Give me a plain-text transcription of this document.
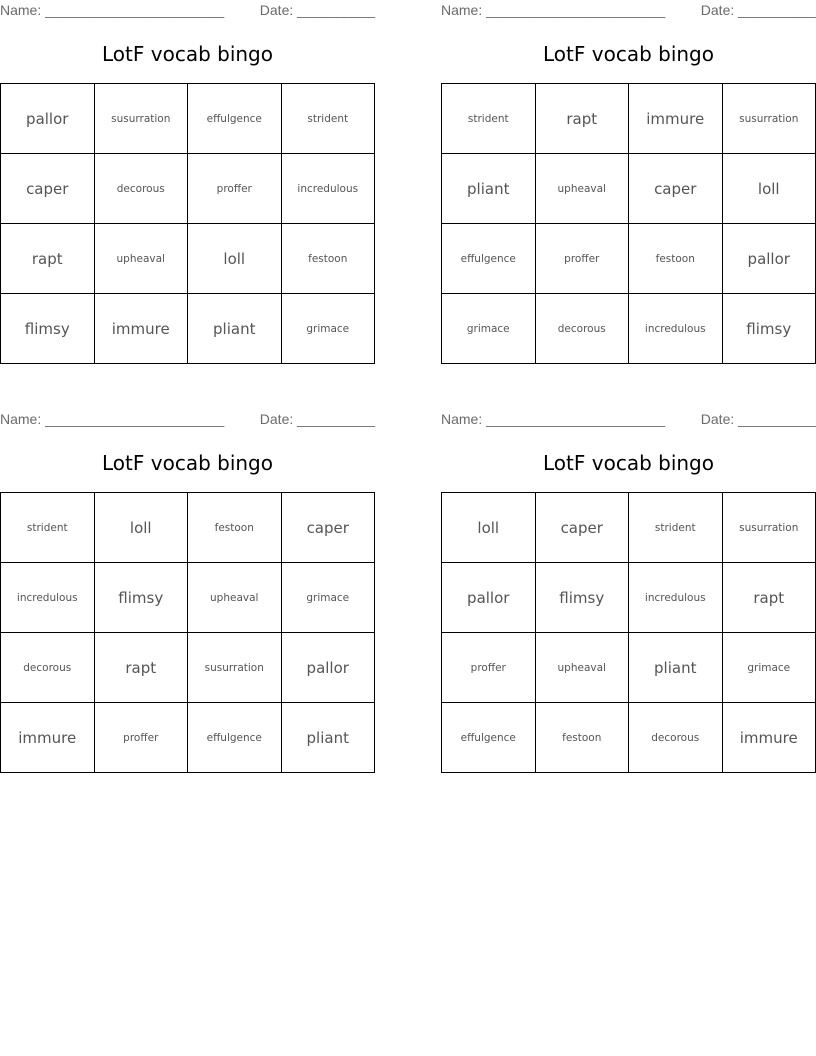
Name: _______________________	Date: __________
LotF vocab bingo
pallor	susurration	effulgence	strident
caper	decorous	proffer	incredulous
rapt	upheaval	loll	festoon
flimsy	immure	pliant	grimace
Name: _______________________	Date: __________
LotF vocab bingo
strident	rapt	immure	susurration
pliant	upheaval	caper	loll
effulgence	proffer	festoon	pallor
grimace	decorous	incredulous	flimsy
Name: _______________________	Date: __________
LotF vocab bingo
strident	loll	festoon	caper
incredulous	flimsy	upheaval	grimace
decorous	rapt	susurration	pallor
immure	proffer	effulgence	pliant
Name: _______________________	Date: __________
LotF vocab bingo
loll	caper	strident	susurration
pallor	flimsy	incredulous	rapt
proffer	upheaval	pliant	grimace
effulgence	festoon	decorous	immure
